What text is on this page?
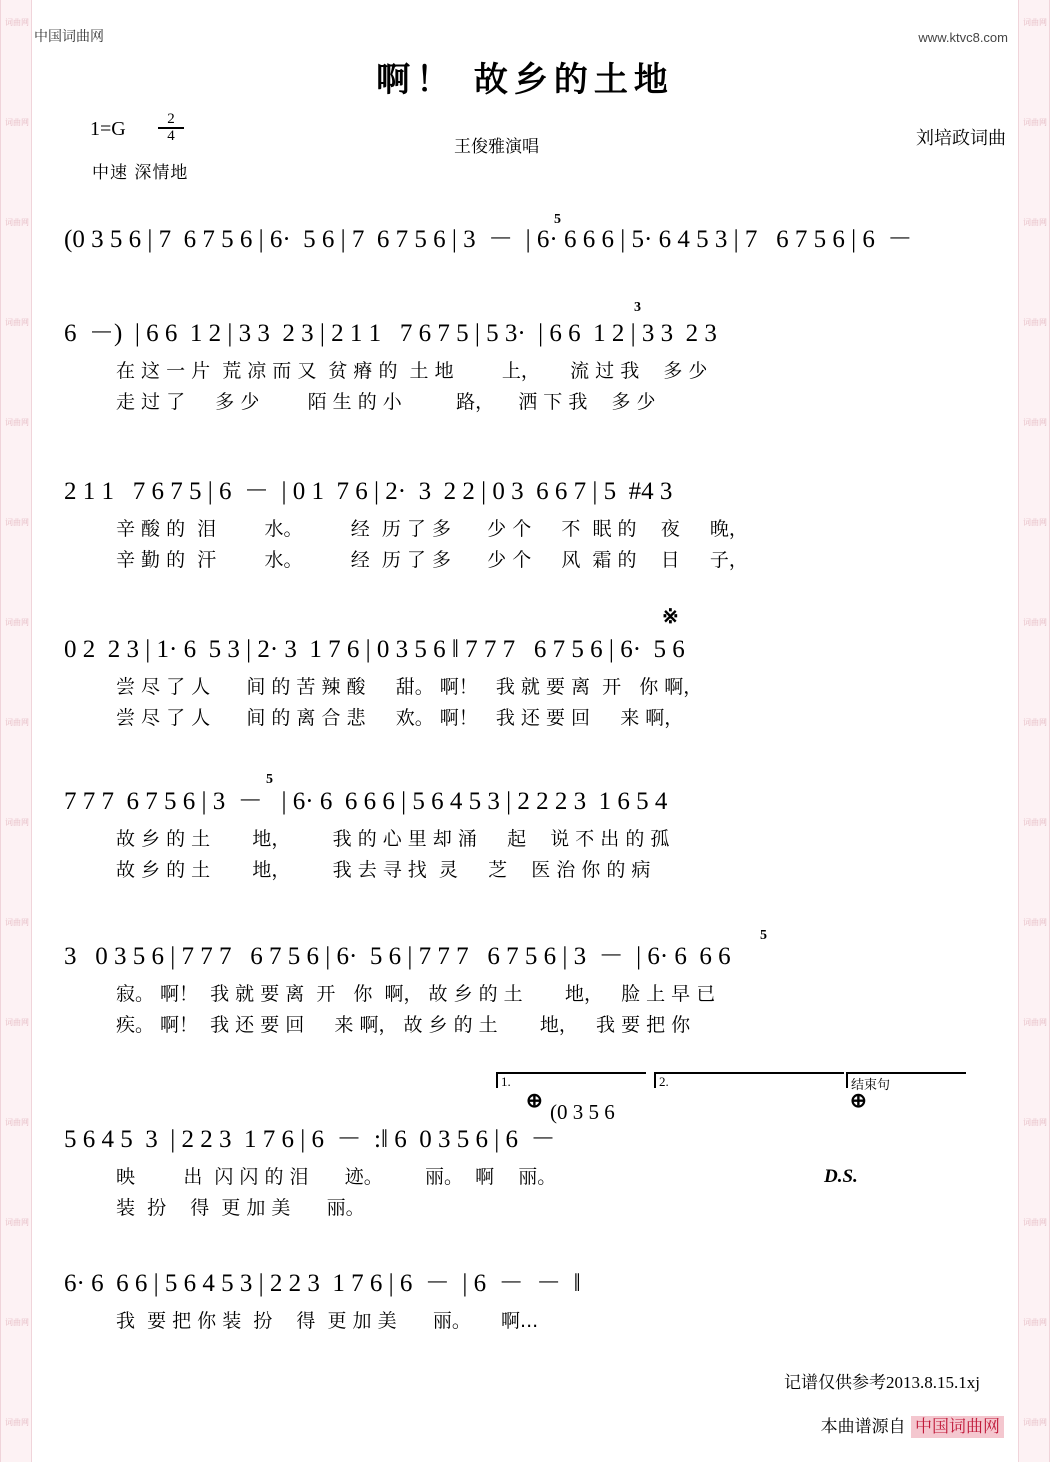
词曲网
词曲网
词曲网
词曲网
词曲网
词曲网
词曲网
词曲网
词曲网
词曲网
词曲网
词曲网
词曲网
词曲网
词曲网
词曲网
词曲网
词曲网
词曲网
词曲网
词曲网
词曲网
词曲网
词曲网
词曲网
词曲网
词曲网
词曲网
词曲网
词曲网
中国词曲网	www.ktvc8.com
啊！ 故乡的土地
$1=G \frac{2}{4}$
中速 深情地
王俊雅演唱	刘培政词曲
(0 3 5 6 | 7  6 7 5 6 | 6·  5 6 | 7  6 7 5 6 | 3  －  | 6· 6 6 6 | 5· 6 4 5 3 | 7   6 7 5 6 | 6  －
5
6  －)  | 6 6  1 2 | 3 3  2 3 | 2 1 1   7 6 7 5 | 5 3·  | 6 6  1 2 | 3 3  2 3
在 这 一 片  荒 凉 而 又  贫 瘠 的  土 地        上，     流 过 我    多 少
走 过 了     多 少        陌 生 的 小         路，    洒 下 我    多 少
3
2 1 1   7 6 7 5 | 6  －  | 0 1  7 6 | 2·  3  2 2 | 0 3  6 6 7 | 5  #4 3
辛 酸 的  泪        水。        经  历 了 多      少 个     不  眠 的    夜     晚，
辛 勤 的  汗        水。        经  历 了 多      少 个     风  霜 的    日     子，
0 2  2 3 | 1· 6  5 3 | 2· 3  1 7 6 | 0 3 5 6 ‖ 7 7 7   6 7 5 6 | 6·  5 6
尝 尽 了 人      间 的 苦 辣 酸     甜。 啊！   我 就 要 离  开   你 啊，
尝 尽 了 人      间 的 离 合 悲     欢。 啊！   我 还 要 回     来 啊，
※
7 7 7  6 7 5 6 | 3  －   | 6· 6  6 6 6 | 5 6 4 5 3 | 2 2 2 3  1 6 5 4
故 乡 的 土       地，       我 的 心 里 却 涌     起    说 不 出 的 孤
故 乡 的 土       地，       我 去 寻 找  灵     芝    医 治 你 的 病
5
3   0 3 5 6 | 7 7 7   6 7 5 6 | 6·  5 6 | 7 7 7   6 7 5 6 | 3  －  | 6· 6  6 6
寂。 啊！  我 就 要 离  开   你  啊， 故 乡 的 土       地，   脸 上 早 已
疾。 啊！  我 还 要 回     来 啊， 故 乡 的 土       地，   我 要 把 你
5
1.	2.	结束句
⊕	⊕
(0 3 5 6
5 6 4 5  3  | 2 2 3  1 7 6 | 6  －  :‖ 6  0 3 5 6 | 6  －
映        出  闪 闪 的 泪      迹。       丽。  啊    丽。
装  扮    得  更 加 美      丽。
D.S.
6· 6  6 6 | 5 6 4 5 3 | 2 2 3  1 7 6 | 6  －  | 6  －  －  ‖
我  要 把 你 装  扮    得  更 加 美      丽。     啊...
记谱仅供参考2013.8.15.1xj
本曲谱源自 中国词曲网
